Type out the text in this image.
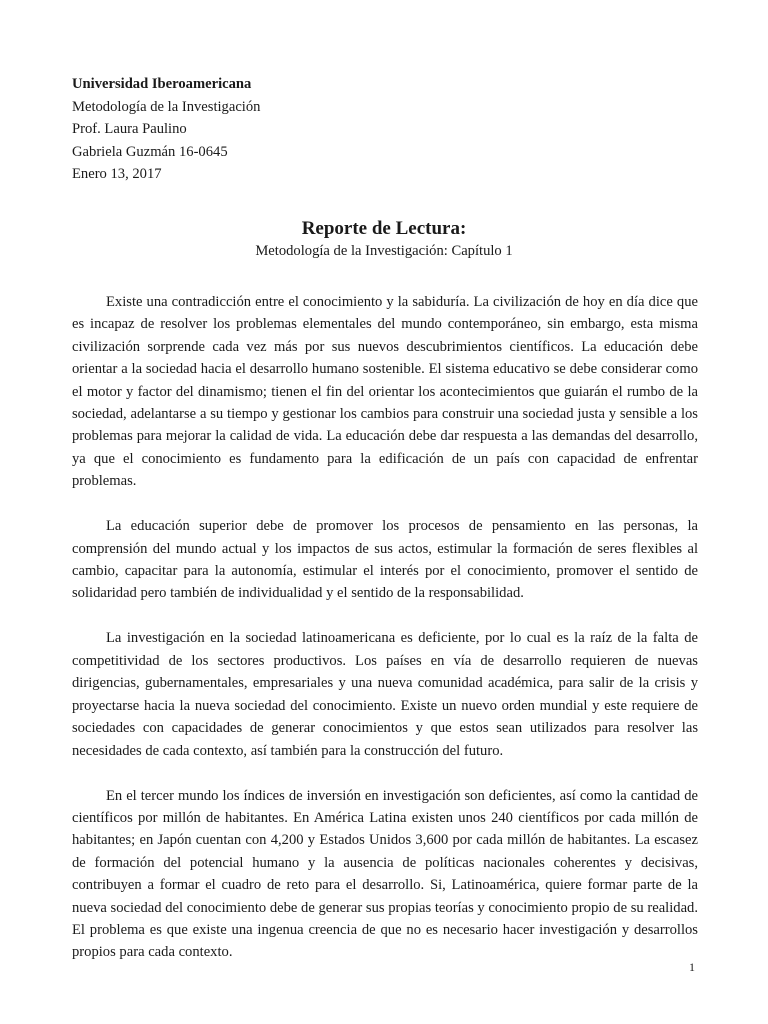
Universidad Iberoamericana
Metodología de la Investigación
Prof. Laura Paulino
Gabriela Guzmán 16-0645
Enero 13, 2017
Reporte de Lectura:
Metodología de la Investigación: Capítulo 1

Existe una contradicción entre el conocimiento y la sabiduría. La civilización de hoy en día dice que es incapaz de resolver los problemas elementales del mundo contemporáneo, sin embargo, esta misma civilización sorprende cada vez más por sus nuevos descubrimientos científicos. La educación debe orientar a la sociedad hacia el desarrollo humano sostenible. El sistema educativo se debe considerar como el motor y factor del dinamismo; tienen el fin del orientar los acontecimientos que guiarán el rumbo de la sociedad, adelantarse a su tiempo y gestionar los cambios para construir una sociedad justa y sensible a los problemas para mejorar la calidad de vida. La educación debe dar respuesta a las demandas del desarrollo, ya que el conocimiento es fundamento para la edificación de un país con capacidad de enfrentar problemas.

La educación superior debe de promover los procesos de pensamiento en las personas, la comprensión del mundo actual y los impactos de sus actos, estimular la formación de seres flexibles al cambio, capacitar para la autonomía, estimular el interés por el conocimiento, promover el sentido de solidaridad pero también de individualidad y el sentido de la responsabilidad.

La investigación en la sociedad latinoamericana es deficiente, por lo cual es la raíz de la falta de competitividad de los sectores productivos. Los países en vía de desarrollo requieren de nuevas dirigencias, gubernamentales, empresariales y una nueva comunidad académica, para salir de la crisis y proyectarse hacia la nueva sociedad del conocimiento. Existe un nuevo orden mundial y este requiere de sociedades con capacidades de generar conocimientos y que estos sean utilizados para resolver las necesidades de cada contexto, así también para la construcción del futuro.

En el tercer mundo los índices de inversión en investigación son deficientes, así como la cantidad de científicos por millón de habitantes. En América Latina existen unos 240 científicos por cada millón de habitantes; en Japón cuentan con 4,200 y Estados Unidos 3,600 por cada millón de habitantes. La escasez de formación del potencial humano y la ausencia de políticas nacionales coherentes y decisivas, contribuyen a formar el cuadro de reto para el desarrollo. Si, Latinoamérica, quiere formar parte de la nueva sociedad del conocimiento debe de generar sus propias teorías y conocimiento propio de su realidad. El problema es que existe una ingenua creencia de que no es necesario hacer investigación y desarrollos propios para cada contexto.

1
